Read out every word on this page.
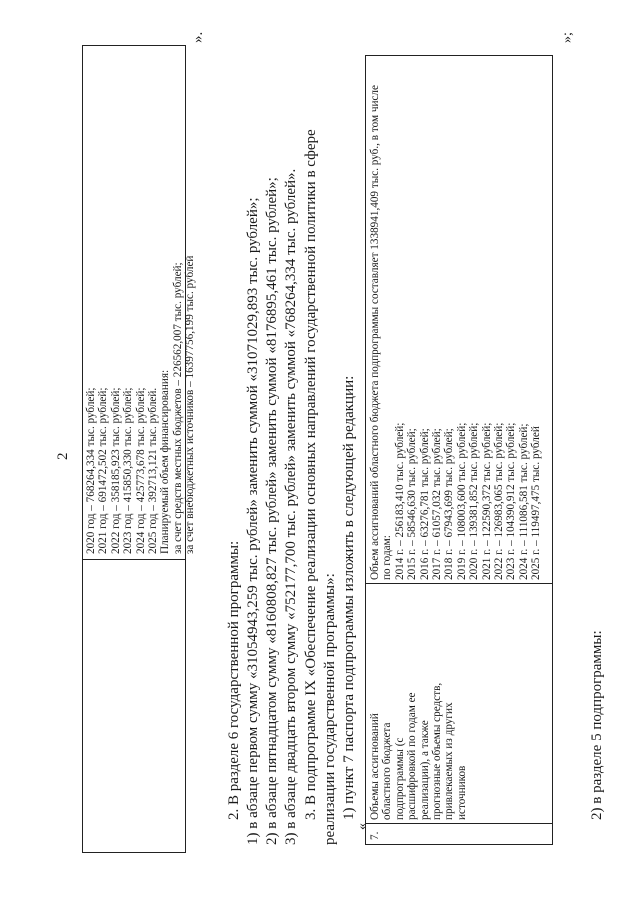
2 2020 год – 768264,334 тыс. рублей; 2021 год – 691472,502 тыс. рублей; 2022 год – 358185,923 тыс. рублей; 2023 год – 415850,330 тыс. рублей; 2024 год – 425773,678 тыс. рублей; 2025 год – 392713,121 тыс. рублей. Планируемый объем финансирования: за счет средств местных бюджетов – 226562,007 тыс. рублей; за счет внебюджетных источников – 16397756,199 тыс. рублей
».
2. В разделе 6 государственной программы: 1) в абзаце первом сумму «31054943,259 тыс. рублей» заменить суммой «31071029,893 тыс. рублей»; 2) в абзаце пятнадцатом сумму «8160808,827 тыс. рублей» заменить суммой «8176895,461 тыс. рублей»; 3) в абзаце двадцать втором сумму «752177,700 тыс. рублей» заменить суммой «768264,334 тыс. рублей». 3. В подпрограмме IX «Обеспечение реализации основных направлений государственной политики в сфере реализации государственной программы»: 1) пункт 7 паспорта подпрограммы изложить в следующей редакции:
«
7.
Объемы ассигнований областного бюджета подпрограммы (с расшифровкой по годам ее реализации), а также прогнозные объемы средств, привлекаемых из других источников
Объем ассигнований областного бюджета подпрограммы составляет 1338941,409 тыс. руб., в том числе по годам: 2014 г. – 256183,410 тыс. рублей; 2015 г. – 58546,630 тыс. рублей; 2016 г. – 63276,781 тыс. рублей; 2017 г. – 61057,032 тыс. рублей; 2018 г. – 67943,699 тыс. рублей; 2019 г. – 108003,600 тыс. рублей; 2020 г. – 139381,852 тыс. рублей; 2021 г. – 122590,372 тыс. рублей; 2022 г. – 126983,065 тыс. рублей; 2023 г. – 104390,912 тыс. рублей; 2024 г. – 111086,581 тыс. рублей; 2025 г. – 119497,475 тыс. рублей
»;
2) в разделе 5 подпрограммы:
